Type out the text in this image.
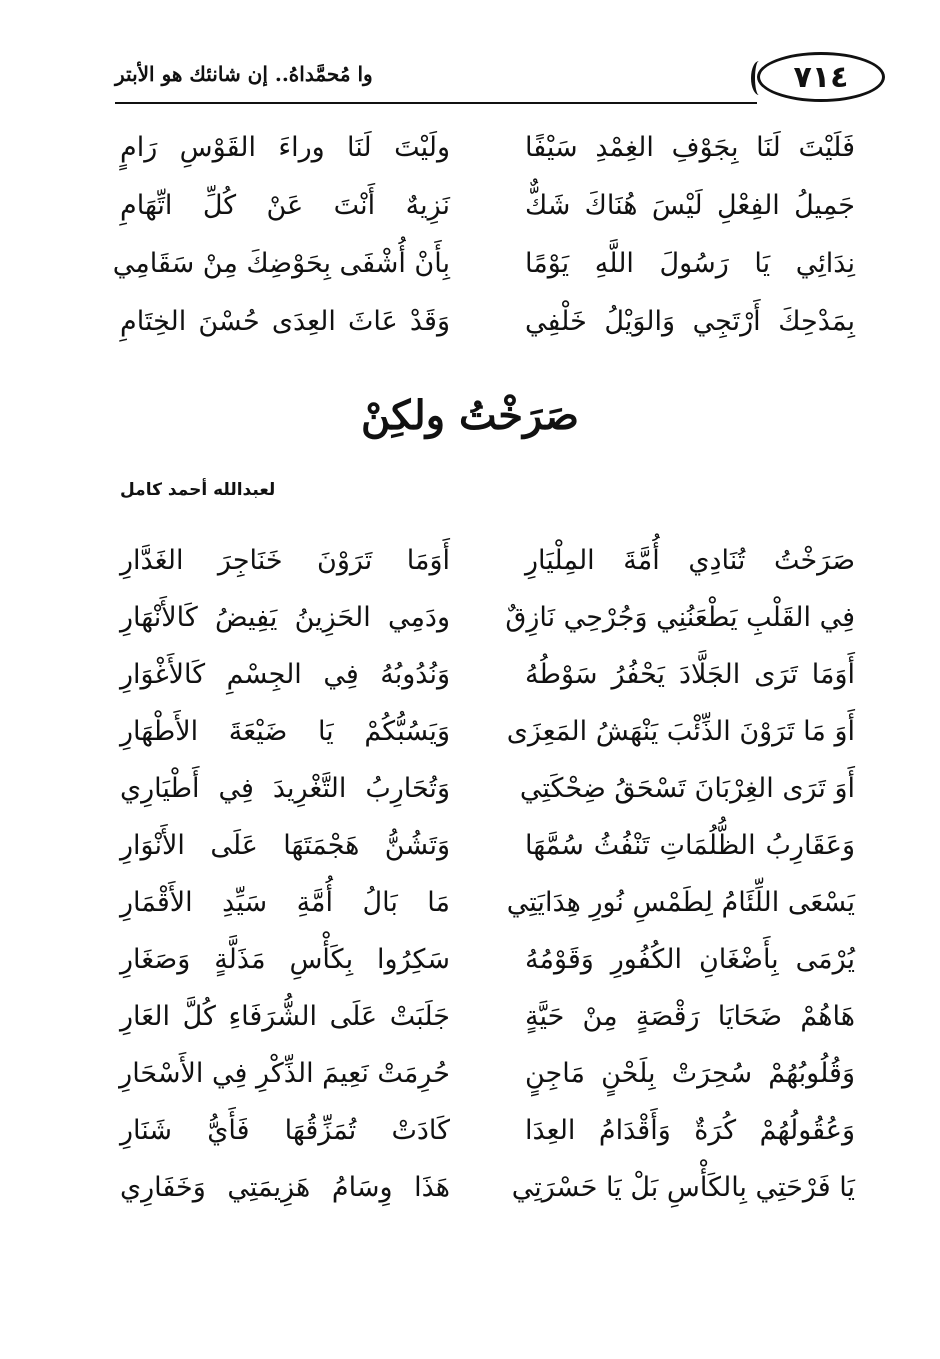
٧١٤
وا مُحمَّداهُ.. إن شانئك هو الأبتر
فَلَيْتَ لَنَا بِجَوْفِ الغِمْدِ سَيْفًا
ولَيْتَ لَنَا وراءَ القَوْسِ رَامٍ
جَمِيلُ الفِعْلِ لَيْسَ هُنَاكَ شَكٌّ
نَزِيهٌ أَنْتَ عَنْ كُلِّ اتِّهَامِ
نِدَائِي يَا رَسُولَ اللَّهِ يَوْمًا
بِأَنْ أُشْفَى بِحَوْضِكَ مِنْ سَقَامِي
بِمَدْحِكَ أَرْتَجِي وَالوَيْلُ خَلْفِي
وَقَدْ عَاثَ العِدَى حُسْنَ الخِتَامِ
صَرَخْتُ ولكِنْ
لعبدالله أحمد كامل
صَرَخْتُ تُنَادِي أُمَّةَ المِلْيَارِ
أَوَمَا تَرَوْنَ خَنَاجِرَ الغَدَّارِ
فِي القَلْبِ يَطْعَنُنِي وَجُرْحِي نَازِقٌ
ودَمِي الحَزِينُ يَفِيضُ كَالأَنْهَارِ
أَوَمَا تَرَى الجَلَّادَ يَحْفُرُ سَوْطُهُ
وَنُدُوبُهُ فِي الجِسْمِ كَالأَغْوَارِ
أَوَ مَا تَرَوْنَ الذِّئْبَ يَنْهَشُ المَعِزَى
وَيَسُبُّكُمْ يَا ضَيْعَةَ الأَطْهَارِ
أَوَ تَرَى الغِرْبَانَ تَسْحَقُ ضِحْكَتِي
وَتُحَارِبُ التَّغْرِيدَ فِي أَطْيَارِي
وَعَقَارِبُ الظُّلُمَاتِ تَنْفُثُ سُمَّهَا
وَتَشُنُّ هَجْمَتَهَا عَلَى الأَنْوَارِ
يَسْعَى اللِّئَامُ لِطَمْسِ نُورِ هِدَايَتِي
مَا بَالُ أُمَّةِ سَيِّدِ الأَقْمَارِ
يُرْمَى بِأَضْغَانِ الكُفُورِ وَقَوْمُهُ
سَكِرُوا بِكَأْسِ مَذَلَّةٍ وَصَغَارِ
هَاهُمْ ضَحَايَا رَقْصَةٍ مِنْ حَيَّةٍ
جَلَبَتْ عَلَى الشُّرَفَاءِ كُلَّ العَارِ
وَقُلُوبُهُمْ سُحِرَتْ بِلَحْنٍ مَاجِنٍ
حُرِمَتْ نَعِيمَ الذِّكْرِ فِي الأَسْحَارِ
وَعُقُولُهُمْ كُرَةٌ وَأَقْدَامُ العِدَا
كَادَتْ تُمَزِّقُهَا فَأَيُّ شَنَارِ
يَا فَرْحَتِي بِالكَأْسِ بَلْ يَا حَسْرَتِي
هَذَا وِسَامُ هَزِيمَتِي وَخَفَارِي
